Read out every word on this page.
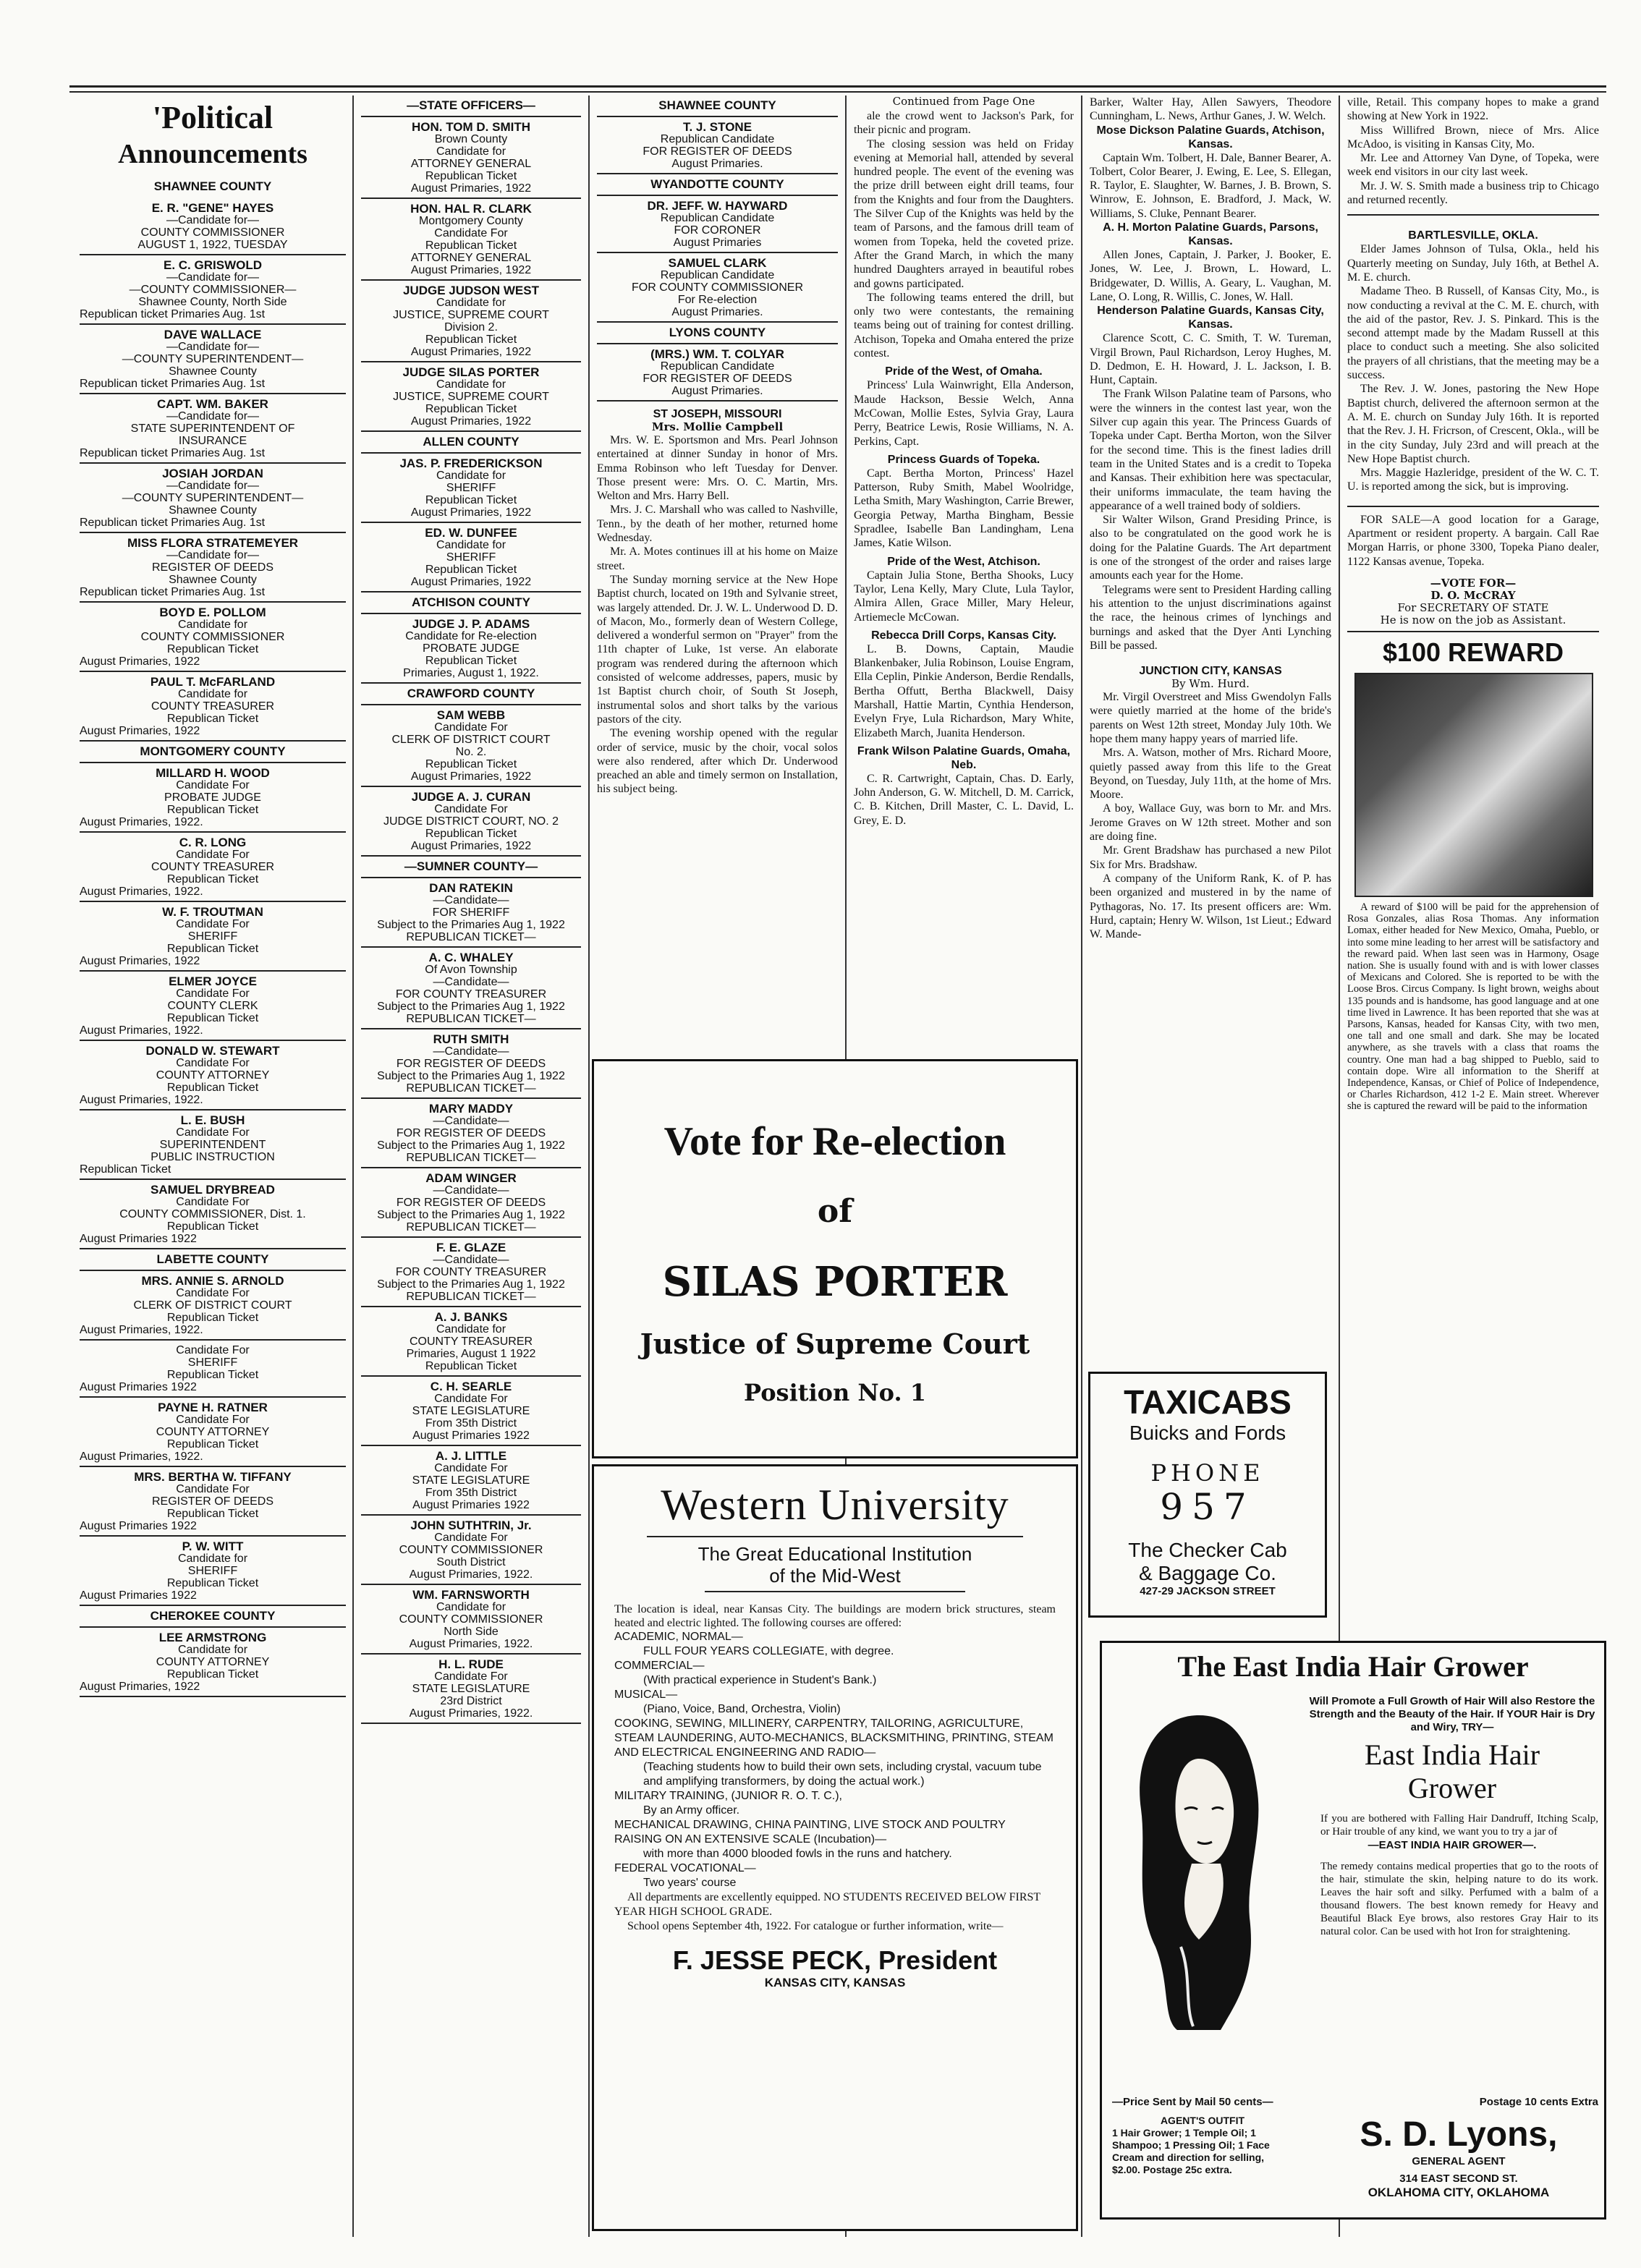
'Political
Announcements
SHAWNEE COUNTY
E. R. "GENE" HAYES
—Candidate for—
COUNTY COMMISSIONER
AUGUST 1, 1922, TUESDAY
E. C. GRISWOLD
—Candidate for—
—COUNTY COMMISSIONER—
Shawnee County, North Side
Republican ticket Primaries Aug. 1st
DAVE WALLACE
—Candidate for—
—COUNTY SUPERINTENDENT—
Shawnee County
Republican ticket Primaries Aug. 1st
CAPT. WM. BAKER
—Candidate for—
STATE SUPERINTENDENT OF
INSURANCE
Republican ticket Primaries Aug. 1st
JOSIAH JORDAN
—Candidate for—
—COUNTY SUPERINTENDENT—
Shawnee County
Republican ticket Primaries Aug. 1st
MISS FLORA STRATEMEYER
—Candidate for—
REGISTER OF DEEDS
Shawnee County
Republican ticket Primaries Aug. 1st
BOYD E. POLLOM
Candidate for
COUNTY COMMISSIONER
Republican Ticket
August Primaries, 1922
PAUL T. McFARLAND
Candidate for
COUNTY TREASURER
Republican Ticket
August Primaries, 1922
MONTGOMERY COUNTY
MILLARD H. WOOD
Candidate For
PROBATE JUDGE
Republican Ticket
August Primaries, 1922.
C. R. LONG
Candidate For
COUNTY TREASURER
Republican Ticket
August Primaries, 1922.
W. F. TROUTMAN
Candidate For
SHERIFF
Republican Ticket
August Primaries, 1922
ELMER JOYCE
Candidate For
COUNTY CLERK
Republican Ticket
August Primaries, 1922.
DONALD W. STEWART
Candidate For
COUNTY ATTORNEY
Republican Ticket
August Primaries, 1922.
L. E. BUSH
Candidate For
SUPERINTENDENT
PUBLIC INSTRUCTION
Republican Ticket
SAMUEL DRYBREAD
Candidate For
COUNTY COMMISSIONER, Dist. 1.
Republican Ticket
August Primaries 1922
LABETTE COUNTY
MRS. ANNIE S. ARNOLD
Candidate For
CLERK OF DISTRICT COURT
Republican Ticket
August Primaries, 1922.
Candidate For
SHERIFF
Republican Ticket
August Primaries 1922
PAYNE H. RATNER
Candidate For
COUNTY ATTORNEY
Republican Ticket
August Primaries, 1922.
MRS. BERTHA W. TIFFANY
Candidate For
REGISTER OF DEEDS
Republican Ticket
August Primaries 1922
P. W. WITT
Candidate for
SHERIFF
Republican Ticket
August Primaries 1922
CHEROKEE COUNTY
LEE ARMSTRONG
Candidate for
COUNTY ATTORNEY
Republican Ticket
August Primaries, 1922
—STATE OFFICERS—
HON. TOM D. SMITH
Brown County
Candidate for
ATTORNEY GENERAL
Republican Ticket
August Primaries, 1922
HON. HAL R. CLARK
Montgomery County
Candidate For
Republican Ticket
ATTORNEY GENERAL
August Primaries, 1922
JUDGE JUDSON WEST
Candidate for
JUSTICE, SUPREME COURT
Division 2.
Republican Ticket
August Primaries, 1922
JUDGE SILAS PORTER
Candidate for
JUSTICE, SUPREME COURT
Republican Ticket
August Primaries, 1922
ALLEN COUNTY
JAS. P. FREDERICKSON
Candidate for
SHERIFF
Republican Ticket
August Primaries, 1922
ED. W. DUNFEE
Candidate for
SHERIFF
Republican Ticket
August Primaries, 1922
ATCHISON COUNTY
JUDGE J. P. ADAMS
Candidate for Re-election
PROBATE JUDGE
Republican Ticket
Primaries, August 1, 1922.
CRAWFORD COUNTY
SAM WEBB
Candidate For
CLERK OF DISTRICT COURT
No. 2.
Republican Ticket
August Primaries, 1922
JUDGE A. J. CURAN
Candidate For
JUDGE DISTRICT COURT, NO. 2
Republican Ticket
August Primaries, 1922
—SUMNER COUNTY—
DAN RATEKIN
—Candidate—
FOR SHERIFF
Subject to the Primaries Aug 1, 1922
REPUBLICAN TICKET—
A. C. WHALEY
Of Avon Township
—Candidate—
FOR COUNTY TREASURER
Subject to the Primaries Aug 1, 1922
REPUBLICAN TICKET—
RUTH SMITH
—Candidate—
FOR REGISTER OF DEEDS
Subject to the Primaries Aug 1, 1922
REPUBLICAN TICKET—
MARY MADDY
—Candidate—
FOR REGISTER OF DEEDS
Subject to the Primaries Aug 1, 1922
REPUBLICAN TICKET—
ADAM WINGER
—Candidate—
FOR REGISTER OF DEEDS
Subject to the Primaries Aug 1, 1922
REPUBLICAN TICKET—
F. E. GLAZE
—Candidate—
FOR COUNTY TREASURER
Subject to the Primaries Aug 1, 1922
REPUBLICAN TICKET—
A. J. BANKS
Candidate for
COUNTY TREASURER
Primaries, August 1 1922
Republican Ticket
C. H. SEARLE
Candidate For
STATE LEGISLATURE
From 35th District
August Primaries 1922
A. J. LITTLE
Candidate For
STATE LEGISLATURE
From 35th District
August Primaries 1922
JOHN SUTHTRIN, Jr.
Candidate For
COUNTY COMMISSIONER
South District
August Primaries, 1922.
WM. FARNSWORTH
Candidate for
COUNTY COMMISSIONER
North Side
August Primaries, 1922.
H. L. RUDE
Candidate For
STATE LEGISLATURE
23rd District
August Primaries, 1922.
SHAWNEE COUNTY
T. J. STONE
Republican Candidate
FOR REGISTER OF DEEDS
August Primaries.
WYANDOTTE COUNTY
DR. JEFF. W. HAYWARD
Republican Candidate
FOR CORONER
August Primaries
SAMUEL CLARK
Republican Candidate
FOR COUNTY COMMISSIONER
For Re-election
August Primaries.
LYONS COUNTY
(MRS.) WM. T. COLYAR
Republican Candidate
FOR REGISTER OF DEEDS
August Primaries.
ST JOSEPH, MISSOURI
Mrs. Mollie Campbell

Mrs. W. E. Sportsmon and Mrs. Pearl Johnson entertained at dinner Sunday in honor of Mrs. Emma Robinson who left Tuesday for Denver. Those present were: Mrs. O. C. Martin, Mrs. Welton and Mrs. Harry Bell.

Mrs. J. C. Marshall who was called to Nashville, Tenn., by the death of her mother, returned home Wednesday.

Mr. A. Motes continues ill at his home on Maize street.

The Sunday morning service at the New Hope Baptist church, located on 19th and Sylvanie street, was largely attended. Dr. J. W. L. Underwood D. D. of Macon, Mo., formerly dean of Western College, delivered a wonderful sermon on "Prayer" from the 11th chapter of Luke, 1st verse. An elaborate program was rendered during the afternoon which consisted of welcome addresses, papers, music by 1st Baptist church choir, of South St Joseph, instrumental solos and short talks by the various pastors of the city.

The evening worship opened with the regular order of service, music by the choir, vocal solos were also rendered, after which Dr. Underwood preached an able and timely sermon on Installation, his subject being.

Continued from Page One

ale the crowd went to Jackson's Park, for their picnic and program.

The closing session was held on Friday evening at Memorial hall, attended by several hundred people. The event of the evening was the prize drill between eight drill teams, four from the Knights and four from the Daughters. The Silver Cup of the Knights was held by the team of Parsons, and the famous drill team of women from Topeka, held the coveted prize. After the Grand March, in which the many hundred Daughters arrayed in beautiful robes and gowns participated.

The following teams entered the drill, but only two were contestants, the remaining teams being out of training for contest drilling. Atchison, Topeka and Omaha entered the prize contest.

Pride of the West, of Omaha.

Princess' Lula Wainwright, Ella Anderson, Maude Hackson, Bessie Welch, Anna McCowan, Mollie Estes, Sylvia Gray, Laura Perry, Beatrice Lewis, Rosie Williams, N. A. Perkins, Capt.

Princess Guards of Topeka.

Capt. Bertha Morton, Princess' Hazel Patterson, Ruby Smith, Mabel Woolridge, Letha Smith, Mary Washington, Carrie Brewer, Georgia Petway, Martha Bingham, Bessie Spradlee, Isabelle Ban Landingham, Lena James, Katie Wilson.

Pride of the West, Atchison.

Captain Julia Stone, Bertha Shooks, Lucy Taylor, Lena Kelly, Mary Clute, Lula Taylor, Almira Allen, Grace Miller, Mary Heleur, Artiemecle McCowan.

Rebecca Drill Corps, Kansas City.

L. B. Downs, Captain, Maudie Blankenbaker, Julia Robinson, Louise Engram, Ella Ceplin, Pinkie Anderson, Berdie Rendalls, Bertha Offutt, Bertha Blackwell, Daisy Marshall, Hattie Martin, Cynthia Henderson, Evelyn Frye, Lula Richardson, Mary White, Elizabeth March, Juanita Henderson.

Frank Wilson Palatine Guards, Omaha, Neb.

C. R. Cartwright, Captain, Chas. D. Early, John Anderson, G. W. Mitchell, D. M. Carrick, C. B. Kitchen, Drill Master, C. L. David, L. Grey, E. D.

Barker, Walter Hay, Allen Sawyers, Theodore Cunningham, L. News, Arthur Ganes, J. W. Welch.

Mose Dickson Palatine Guards, Atchison, Kansas.

Captain Wm. Tolbert, H. Dale, Banner Bearer, A. Tolbert, Color Bearer, J. Ewing, E. Lee, S. Ellegan, R. Taylor, E. Slaughter, W. Barnes, J. B. Brown, S. Winrow, E. Johnson, E. Bradford, J. Mack, W. Williams, S. Cluke, Pennant Bearer.

A. H. Morton Palatine Guards, Parsons, Kansas.

Allen Jones, Captain, J. Parker, J. Booker, E. Jones, W. Lee, J. Brown, L. Howard, L. Bridgewater, D. Willis, A. Geary, L. Vaughan, M. Lane, O. Long, R. Willis, C. Jones, W. Hall.

Henderson Palatine Guards, Kansas City, Kansas.

Clarence Scott, C. C. Smith, T. W. Tureman, Virgil Brown, Paul Richardson, Leroy Hughes, M. D. Dedmon, E. H. Howard, J. L. Jackson, I. B. Hunt, Captain.

The Frank Wilson Palatine team of Parsons, who were the winners in the contest last year, won the Silver cup again this year. The Princess Guards of Topeka under Capt. Bertha Morton, won the Silver for the second time. This is the finest ladies drill team in the United States and is a credit to Topeka and Kansas. Their exhibition here was spectacular, their uniforms immaculate, the team having the appearance of a well trained body of soldiers.

Sir Walter Wilson, Grand Presiding Prince, is also to be congratulated on the good work he is doing for the Palatine Guards. The Art department is one of the strongest of the order and raises large amounts each year for the Home.

Telegrams were sent to President Harding calling his attention to the unjust discriminations against the race, the heinous crimes of lynchings and burnings and asked that the Dyer Anti Lynching Bill be passed.

JUNCTION CITY, KANSAS
By Wm. Hurd.

Mr. Virgil Overstreet and Miss Gwendolyn Falls were quietly married at the home of the bride's parents on West 12th street, Monday July 10th. We hope them many happy years of married life.

Mrs. A. Watson, mother of Mrs. Richard Moore, quietly passed away from this life to the Great Beyond, on Tuesday, July 11th, at the home of Mrs. Moore.

A boy, Wallace Guy, was born to Mr. and Mrs. Jerome Graves on W 12th street. Mother and son are doing fine.

Mr. Grent Bradshaw has purchased a new Pilot Six for Mrs. Bradshaw.

A company of the Uniform Rank, K. of P. has been organized and mustered in by the name of Pythagoras, No. 17. Its present officers are: Wm. Hurd, captain; Henry W. Wilson, 1st Lieut.; Edward W. Mande-

ville, Retail. This company hopes to make a grand showing at New York in 1922.

Miss Willifred Brown, niece of Mrs. Alice McAdoo, is visiting in Kansas City, Mo.

Mr. Lee and Attorney Van Dyne, of Topeka, were week end visitors in our city last week.

Mr. J. W. S. Smith made a business trip to Chicago and returned recently.

BARTLESVILLE, OKLA.

Elder James Johnson of Tulsa, Okla., held his Quarterly meeting on Sunday, July 16th, at Bethel A. M. E. church.

Madame Theo. B Russell, of Kansas City, Mo., is now conducting a revival at the C. M. E. church, with the aid of the pastor, Rev. J. S. Pinkard. This is the second attempt made by the Madam Russell at this place to conduct such a meeting. She also solicited the prayers of all christians, that the meeting may be a success.

The Rev. J. W. Jones, pastoring the New Hope Baptist church, delivered the afternoon sermon at the A. M. E. church on Sunday July 16th. It is reported that the Rev. J. H. Fricrson, of Crescent, Okla., will be in the city Sunday, July 23rd and will preach at the New Hope Baptist church.

Mrs. Maggie Hazleridge, president of the W. C. T. U. is reported among the sick, but is improving.

FOR SALE—A good location for a Garage, Apartment or resident property. A bargain. Call Rae Morgan Harris, or phone 3300, Topeka Piano dealer, 1122 Kansas avenue, Topeka.

—VOTE FOR—
D. O. McCRAY
For SECRETARY OF STATE
He is now on the job as Assistant.
$100 REWARD

A reward of $100 will be paid for the apprehension of Rosa Gonzales, alias Rosa Thomas. Any information Lomax, either headed for New Mexico, Omaha, Pueblo, or into some mine leading to her arrest will be satisfactory and the reward paid. When last seen was in Harmony, Osage nation. She is usually found with and is with lower classes of Mexicans and Colored. She is reported to be with the Loose Bros. Circus Company. Is light brown, weighs about 135 pounds and is handsome, has good language and at one time lived in Lawrence. It has been reported that she was at Parsons, Kansas, headed for Kansas City, with two men, one tall and one small and dark. She may be located anywhere, as she travels with a class that roams the country. One man had a bag shipped to Pueblo, said to contain dope. Wire all information to the Sheriff at Independence, Kansas, or Chief of Police of Independence, or Charles Richardson, 412 1-2 E. Main street. Wherever she is captured the reward will be paid to the information

Vote for Re-election
of
SILAS PORTER
Justice of Supreme Court
Position No. 1
Western University
The Great Educational Institution
of the Mid-West
The location is ideal, near Kansas City. The buildings are modern brick structures, steam heated and electric lighted. The following courses are offered:
ACADEMIC, NORMAL—
FULL FOUR YEARS COLLEGIATE, with degree.
COMMERCIAL—
(With practical experience in Student's Bank.)
MUSICAL—
(Piano, Voice, Band, Orchestra, Violin)
COOKING, SEWING, MILLINERY, CARPENTRY, TAILORING, AGRICULTURE, STEAM LAUNDERING, AUTO-MECHANICS, BLACKSMITHING, PRINTING, STEAM AND ELECTRICAL ENGINEERING AND RADIO—
(Teaching students how to build their own sets, including crystal, vacuum tube and amplifying transformers, by doing the actual work.)
MILITARY TRAINING, (JUNIOR R. O. T. C.),
By an Army officer.
MECHANICAL DRAWING, CHINA PAINTING, LIVE STOCK AND POULTRY RAISING ON AN EXTENSIVE SCALE (Incubation)—
with more than 4000 blooded fowls in the runs and hatchery.
FEDERAL VOCATIONAL—
Two years' course
All departments are excellently equipped. NO STUDENTS RECEIVED BELOW FIRST YEAR HIGH SCHOOL GRADE.
School opens September 4th, 1922. For catalogue or further information, write—
F. JESSE PECK, President
KANSAS CITY, KANSAS
TAXICABS
Buicks and Fords
PHONE
957
The Checker Cab
& Baggage Co.
427-29 JACKSON STREET
The East India Hair Grower
Will Promote a Full Growth of Hair Will also Restore the Strength and the Beauty of the Hair. If YOUR Hair is Dry and Wiry, TRY—
East India Hair
Grower
If you are bothered with Falling Hair Dandruff, Itching Scalp, or Hair trouble of any kind, we want you to try a jar of
—EAST INDIA HAIR GROWER—.
The remedy contains medical properties that go to the roots of the hair, stimulate the skin, helping nature to do its work. Leaves the hair soft and silky. Perfumed with a balm of a thousand flowers. The best known remedy for Heavy and Beautiful Black Eye brows, also restores Gray Hair to its natural color. Can be used with hot Iron for straightening.
—Price Sent by Mail 50 cents—	Postage 10 cents Extra
AGENT'S OUTFIT
1 Hair Grower; 1 Temple Oil; 1 Shampoo; 1 Pressing Oil; 1 Face Cream and direction for selling, $2.00. Postage 25c extra.
S. D. Lyons,
GENERAL AGENT
314 EAST SECOND ST.
OKLAHOMA CITY, OKLAHOMA
